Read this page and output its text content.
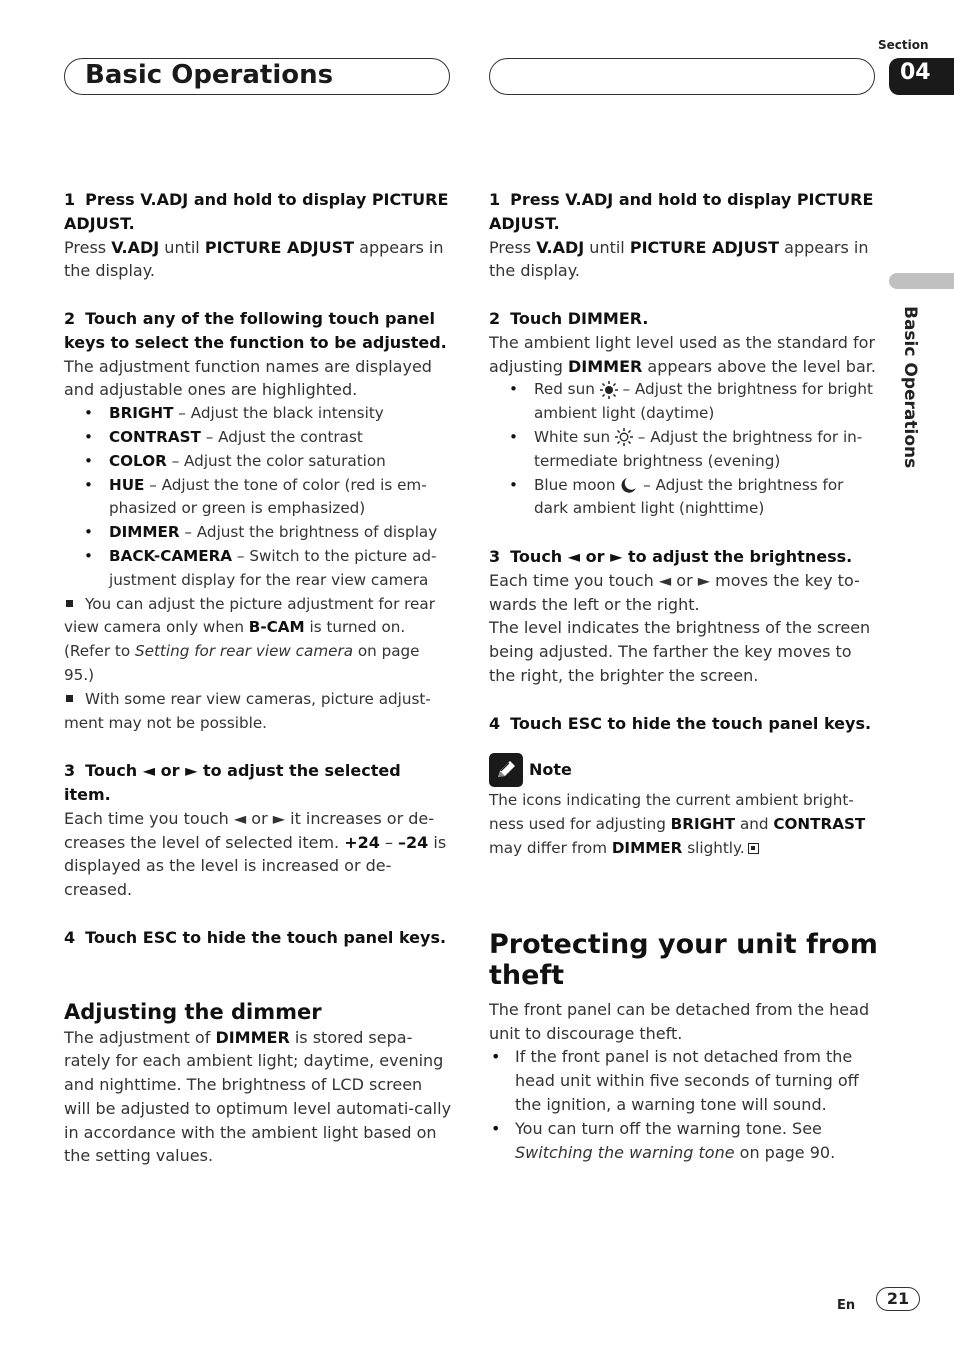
Basic Operations
Section
04
Basic Operations

1 Press V.ADJ and hold to display PICTURE ADJUST.

Press V.ADJ until PICTURE ADJUST appears in the display.

2 Touch any of the following touch panel keys to select the function to be adjusted.

The adjustment function names are displayed and adjustable ones are highlighted.

• BRIGHT – Adjust the black intensity
• CONTRAST – Adjust the contrast
• COLOR – Adjust the color saturation
• HUE – Adjust the tone of color (red is em-phasized or green is emphasized)
• DIMMER – Adjust the brightness of display
• BACK-CAMERA – Switch to the picture ad-justment display for the rear view camera

You can adjust the picture adjustment for rear view camera only when B-CAM is turned on. (Refer to Setting for rear view camera on page 95.)

With some rear view cameras, picture adjust-ment may not be possible.

3 Touch ◄ or ► to adjust the selected item.

Each time you touch ◄ or ► it increases or de-creases the level of selected item. +24 – –24 is displayed as the level is increased or de-creased.

4 Touch ESC to hide the touch panel keys.

Adjusting the dimmer

The adjustment of DIMMER is stored sepa-rately for each ambient light; daytime, evening and nighttime. The brightness of LCD screen will be adjusted to optimum level automati-cally in accordance with the ambient light based on the setting values.

1 Press V.ADJ and hold to display PICTURE ADJUST.

Press V.ADJ until PICTURE ADJUST appears in the display.

2 Touch DIMMER.

The ambient light level used as the standard for adjusting DIMMER appears above the level bar.

• Red sun  – Adjust the brightness for bright ambient light (daytime)
• White sun  – Adjust the brightness for in-termediate brightness (evening)
• Blue moon  – Adjust the brightness for dark ambient light (nighttime)

3 Touch ◄ or ► to adjust the brightness.

Each time you touch ◄ or ► moves the key to-wards the left or the right.

The level indicates the brightness of the screen being adjusted. The farther the key moves to the right, the brighter the screen.

4 Touch ESC to hide the touch panel keys.

Note

The icons indicating the current ambient bright-ness used for adjusting BRIGHT and CONTRAST may differ from DIMMER slightly.

Protecting your unit from theft

The front panel can be detached from the head unit to discourage theft.

• If the front panel is not detached from the head unit within five seconds of turning off the ignition, a warning tone will sound.
• You can turn off the warning tone. See Switching the warning tone on page 90.
En	21
